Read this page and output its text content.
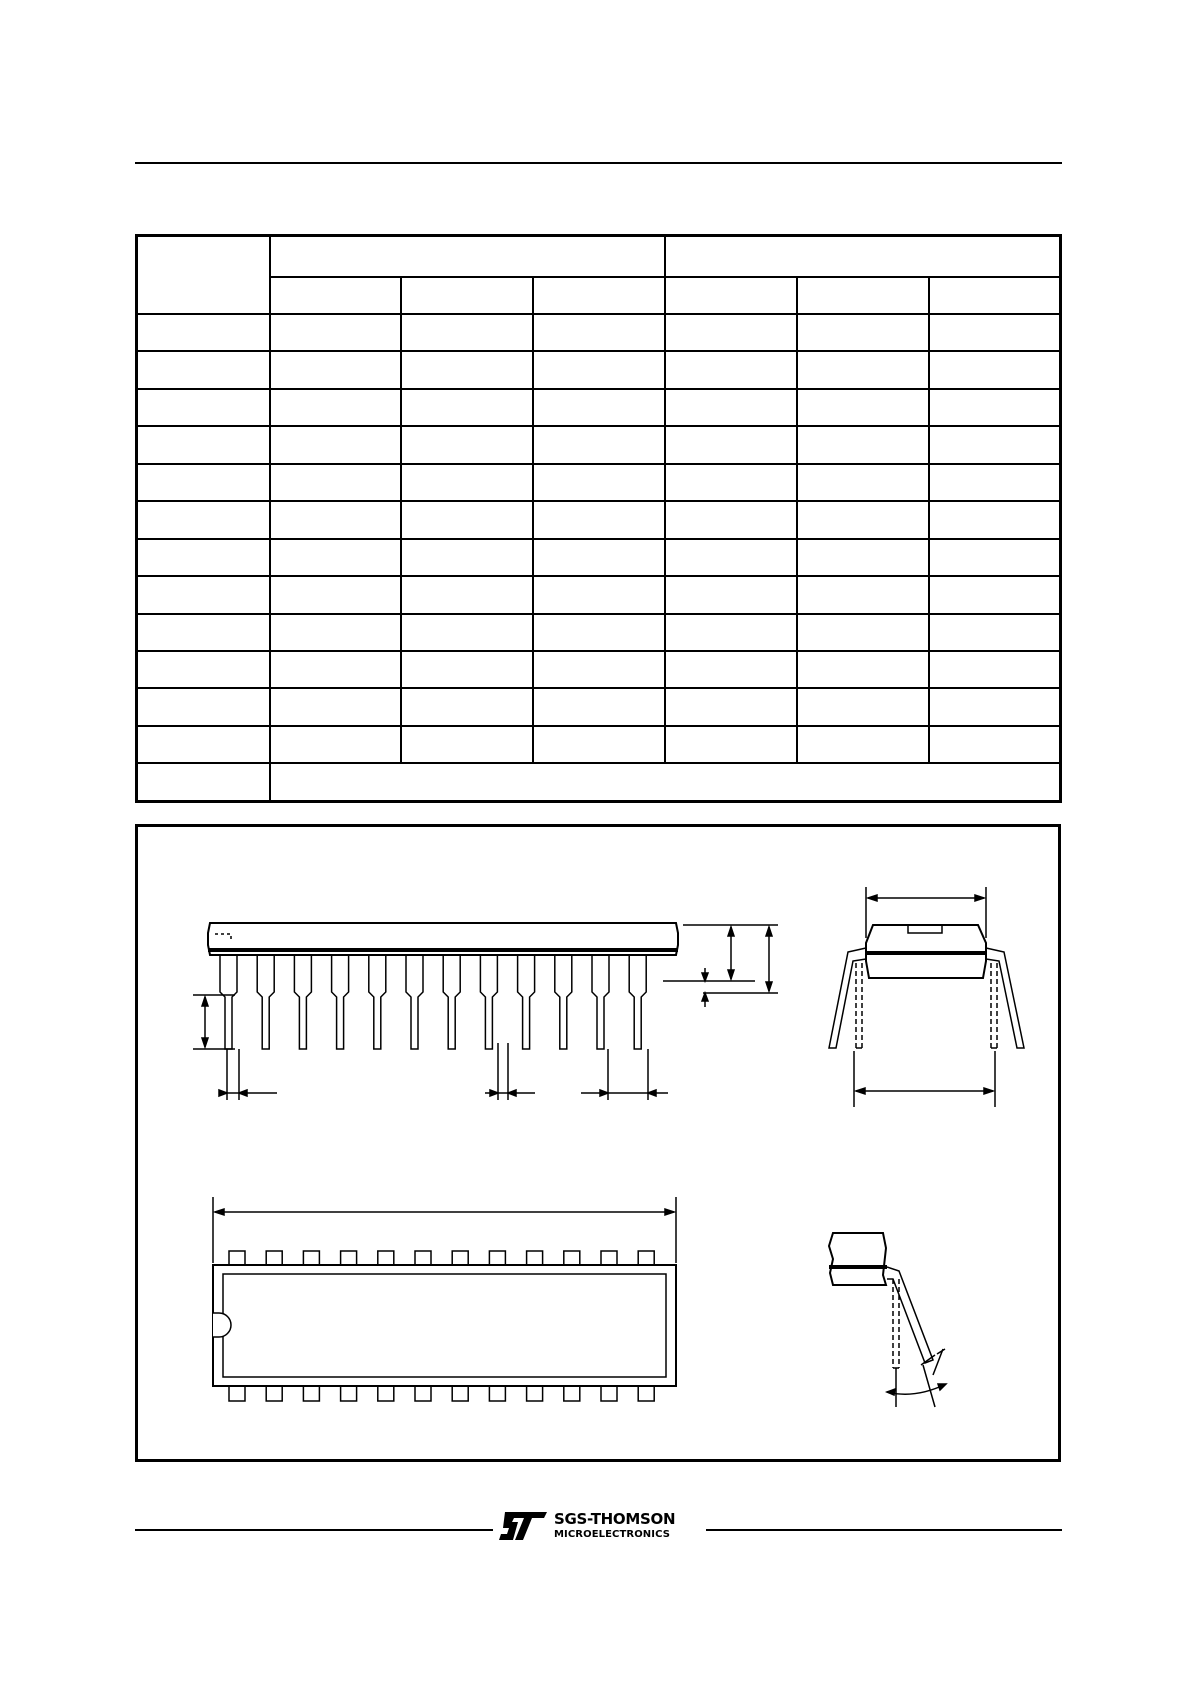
SGS-THOMSON
MICROELECTRONICS
